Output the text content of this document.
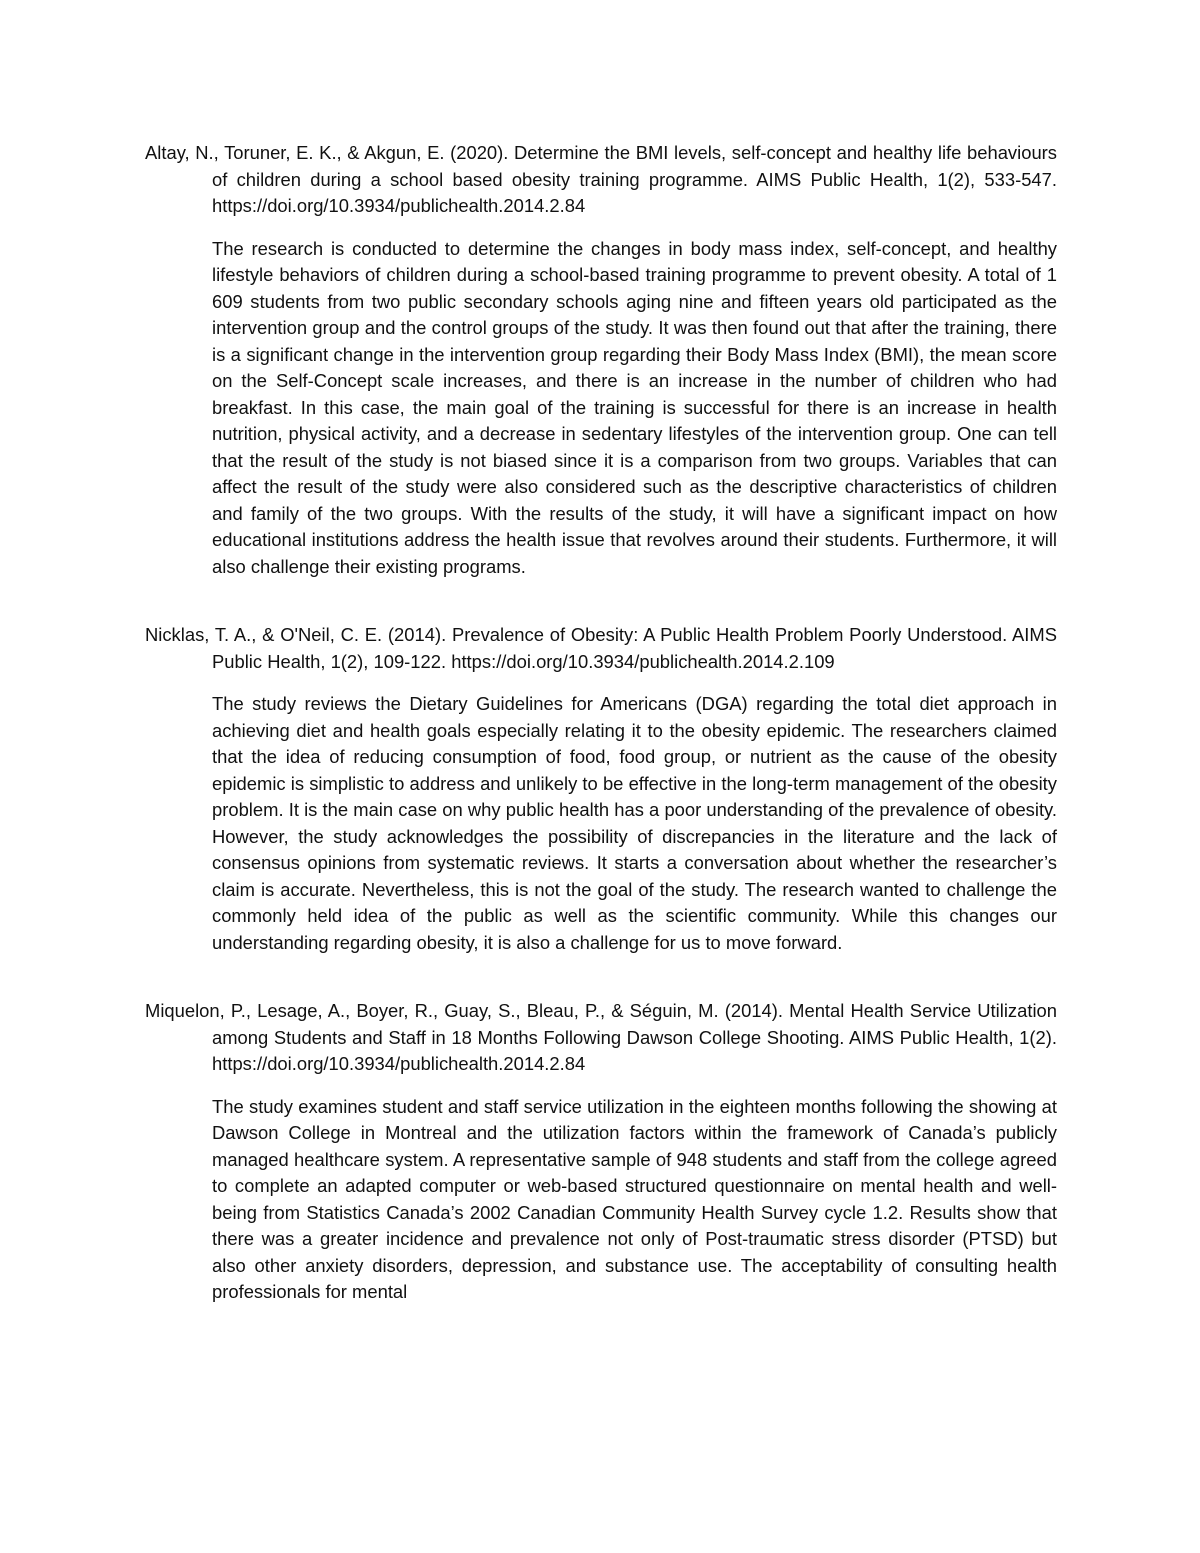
Altay, N., Toruner, E. K., & Akgun, E. (2020). Determine the BMI levels, self-concept and healthy life behaviours of children during a school based obesity training programme. AIMS Public Health, 1(2), 533-547. https://doi.org/10.3934/publichealth.2014.2.84

The research is conducted to determine the changes in body mass index, self-concept, and healthy lifestyle behaviors of children during a school-based training programme to prevent obesity. A total of 1 609 students from two public secondary schools aging nine and fifteen years old participated as the intervention group and the control groups of the study. It was then found out that after the training, there is a significant change in the intervention group regarding their Body Mass Index (BMI), the mean score on the Self-Concept scale increases, and there is an increase in the number of children who had breakfast. In this case, the main goal of the training is successful for there is an increase in health nutrition, physical activity, and a decrease in sedentary lifestyles of the intervention group. One can tell that the result of the study is not biased since it is a comparison from two groups. Variables that can affect the result of the study were also considered such as the descriptive characteristics of children and family of the two groups. With the results of the study, it will have a significant impact on how educational institutions address the health issue that revolves around their students. Furthermore, it will also challenge their existing programs.

Nicklas, T. A., & O'Neil, C. E. (2014). Prevalence of Obesity: A Public Health Problem Poorly Understood. AIMS Public Health, 1(2), 109-122. https://doi.org/10.3934/publichealth.2014.2.109

The study reviews the Dietary Guidelines for Americans (DGA) regarding the total diet approach in achieving diet and health goals especially relating it to the obesity epidemic. The researchers claimed that the idea of reducing consumption of food, food group, or nutrient as the cause of the obesity epidemic is simplistic to address and unlikely to be effective in the long-term management of the obesity problem. It is the main case on why public health has a poor understanding of the prevalence of obesity. However, the study acknowledges the possibility of discrepancies in the literature and the lack of consensus opinions from systematic reviews. It starts a conversation about whether the researcher’s claim is accurate. Nevertheless, this is not the goal of the study. The research wanted to challenge the commonly held idea of the public as well as the scientific community. While this changes our understanding regarding obesity, it is also a challenge for us to move forward.

Miquelon, P., Lesage, A., Boyer, R., Guay, S., Bleau, P., & Séguin, M. (2014). Mental Health Service Utilization among Students and Staff in 18 Months Following Dawson College Shooting. AIMS Public Health, 1(2). https://doi.org/10.3934/publichealth.2014.2.84

The study examines student and staff service utilization in the eighteen months following the showing at Dawson College in Montreal and the utilization factors within the framework of Canada’s publicly managed healthcare system. A representative sample of 948 students and staff from the college agreed to complete an adapted computer or web-based structured questionnaire on mental health and well-being from Statistics Canada’s 2002 Canadian Community Health Survey cycle 1.2. Results show that there was a greater incidence and prevalence not only of Post-traumatic stress disorder (PTSD) but also other anxiety disorders, depression, and substance use. The acceptability of consulting health professionals for mental
